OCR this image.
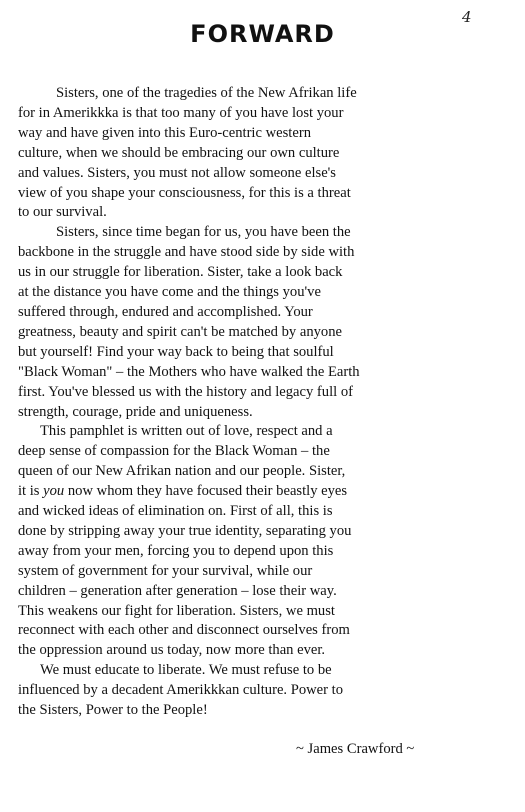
4
FORWARD

Sisters, one of the tragedies of the New Afrikan life
for in Amerikkka is that too many of you have lost your
way and have given into this Euro-centric western
culture, when we should be embracing our own culture
and values. Sisters, you must not allow someone else's
view of you shape your consciousness, for this is a threat
to our survival.

Sisters, since time began for us, you have been the
backbone in the struggle and have stood side by side with
us in our struggle for liberation. Sister, take a look back
at the distance you have come and the things you've
suffered through, endured and accomplished. Your
greatness, beauty and spirit can't be matched by anyone
but yourself! Find your way back to being that soulful
"Black Woman" – the Mothers who have walked the Earth
first. You've blessed us with the history and legacy full of
strength, courage, pride and uniqueness.

This pamphlet is written out of love, respect and a
deep sense of compassion for the Black Woman – the
queen of our New Afrikan nation and our people. Sister,
it is you now whom they have focused their beastly eyes
and wicked ideas of elimination on. First of all, this is
done by stripping away your true identity, separating you
away from your men, forcing you to depend upon this
system of government for your survival, while our
children – generation after generation – lose their way.
This weakens our fight for liberation. Sisters, we must
reconnect with each other and disconnect ourselves from
the oppression around us today, now more than ever.

We must educate to liberate. We must refuse to be
influenced by a decadent Amerikkkan culture. Power to
the Sisters, Power to the People!

~ James Crawford ~
